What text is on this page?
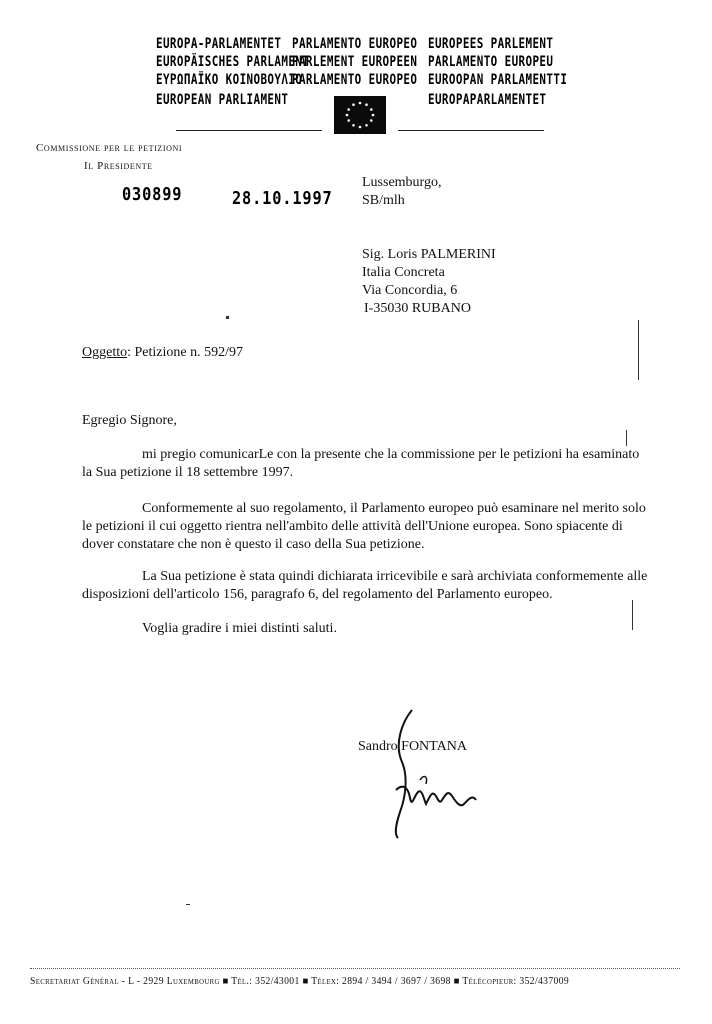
EUROPA-PARLAMENTET
EUROPÄISCHES PARLAMENT
ΕΥΡΩΠΑΪΚΟ ΚΟΙΝΟΒΟΥΛΙΟ
EUROPEAN PARLIAMENT
PARLAMENTO EUROPEO
PARLEMENT EUROPEEN
PARLAMENTO EUROPEO
EUROPEES PARLEMENT
PARLAMENTO EUROPEU
EUROOPAN PARLAMENTTI
EUROPAPARLAMENTET
Commissione per le petizioni
Il Presidente
030899	28.10.1997
Lussemburgo,
SB/mlh
Sig. Loris PALMERINI
Italia Concreta
Via Concordia, 6
I-35030 RUBANO
Oggetto: Petizione n. 592/97
Egregio Signore,
mi pregio comunicarLe con la presente che la commissione per le petizioni ha esaminato
la Sua petizione il 18 settembre 1997.
Conformemente al suo regolamento, il Parlamento europeo può esaminare nel merito solo
le petizioni il cui oggetto rientra nell'ambito delle attività dell'Unione europea. Sono spiacente di
dover constatare che non è questo il caso della Sua petizione.
La Sua petizione è stata quindi dichiarata irricevibile e sarà archiviata conformemente alle
disposizioni dell'articolo 156, paragrafo 6, del regolamento del Parlamento europeo.
Voglia gradire i miei distinti saluti.
Sandro FONTANA
Secretariat Général - L - 2929 Luxembourg ■ Tél.: 352/43001 ■ Télex: 2894 / 3494 / 3697 / 3698 ■ Télécopieur: 352/437009
